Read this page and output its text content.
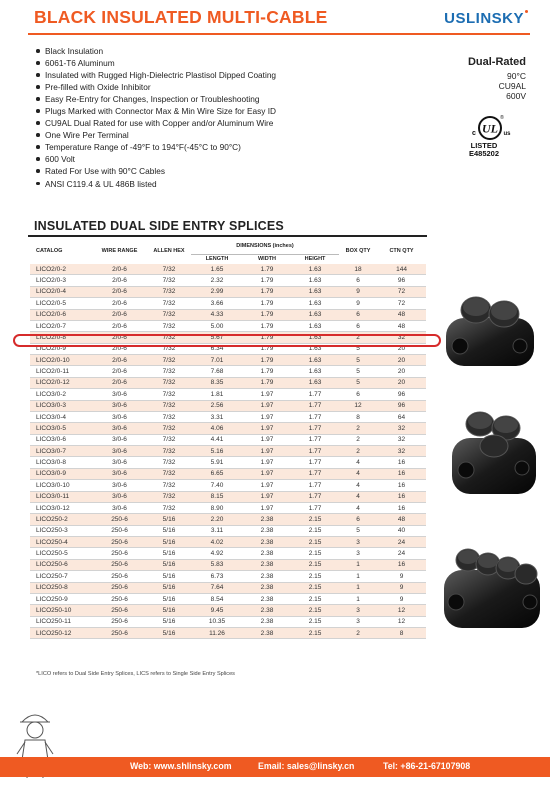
BLACK INSULATED MULTI-CABLE	USLINSKY
Black Insulation
6061-T6 Aluminum
Insulated with Rugged High-Dielectric Plastisol Dipped Coating
Pre-filled with Oxide Inhibitor
Easy Re-Entry for Changes, Inspection or Troubleshooting
Plugs Marked with Connector Max & Min Wire Size for Easy ID
CU9AL Dual Rated for use with Copper and/or Aluminum Wire
One Wire Per Terminal
Temperature Range of -49°F to 194°F(-45°C to 90°C)
600 Volt
Rated For Use with 90°C Cables
ANSI C119.4 & UL 486B listed
Dual-Rated
90°C
CU9AL
600V
UL
c	us
®
LISTED
E485202
INSULATED DUAL SIDE ENTRY SPLICES
CATALOG	WIRE RANGE	ALLEN HEX	DIMENSIONS (inches)			BOX QTY	CTN QTY
			LENGTH	WIDTH	HEIGHT		
LICO2/0-2	2/0-6	7/32	1.65	1.79	1.63	18	144
LICO2/0-3	2/0-6	7/32	2.32	1.79	1.63	6	96
LICO2/0-4	2/0-6	7/32	2.99	1.79	1.63	9	72
LICO2/0-5	2/0-6	7/32	3.66	1.79	1.63	9	72
LICO2/0-6	2/0-6	7/32	4.33	1.79	1.63	6	48
LICO2/0-7	2/0-6	7/32	5.00	1.79	1.63	6	48
LICO2/0-8	2/0-6	7/32	5.67	1.79	1.63	2	32
LICO2/0-9	2/0-6	7/32	6.34	1.79	1.63	5	20
LICO2/0-10	2/0-6	7/32	7.01	1.79	1.63	5	20
LICO2/0-11	2/0-6	7/32	7.68	1.79	1.63	5	20
LICO2/0-12	2/0-6	7/32	8.35	1.79	1.63	5	20
LICO3/0-2	3/0-6	7/32	1.81	1.97	1.77	6	96
LICO3/0-3	3/0-6	7/32	2.56	1.97	1.77	12	96
LICO3/0-4	3/0-6	7/32	3.31	1.97	1.77	8	64
LICO3/0-5	3/0-6	7/32	4.06	1.97	1.77	2	32
LICO3/0-6	3/0-6	7/32	4.41	1.97	1.77	2	32
LICO3/0-7	3/0-6	7/32	5.16	1.97	1.77	2	32
LICO3/0-8	3/0-6	7/32	5.91	1.97	1.77	4	16
LICO3/0-9	3/0-6	7/32	6.65	1.97	1.77	4	16
LICO3/0-10	3/0-6	7/32	7.40	1.97	1.77	4	16
LICO3/0-11	3/0-6	7/32	8.15	1.97	1.77	4	16
LICO3/0-12	3/0-6	7/32	8.90	1.97	1.77	4	16
LICO250-2	250-6	5/16	2.20	2.38	2.15	6	48
LICO250-3	250-6	5/16	3.11	2.38	2.15	5	40
LICO250-4	250-6	5/16	4.02	2.38	2.15	3	24
LICO250-5	250-6	5/16	4.92	2.38	2.15	3	24
LICO250-6	250-6	5/16	5.83	2.38	2.15	1	16
LICO250-7	250-6	5/16	6.73	2.38	2.15	1	9
LICO250-8	250-6	5/16	7.64	2.38	2.15	1	9
LICO250-9	250-6	5/16	8.54	2.38	2.15	1	9
LICO250-10	250-6	5/16	9.45	2.38	2.15	3	12
LICO250-11	250-6	5/16	10.35	2.38	2.15	3	12
LICO250-12	250-6	5/16	11.26	2.38	2.15	2	8
*LICO refers to Dual Side Entry Splices, LICS refers to Single Side Entry Splices
Web: www.shlinsky.com	Email: sales@linsky.cn	Tel: +86-21-67107908
